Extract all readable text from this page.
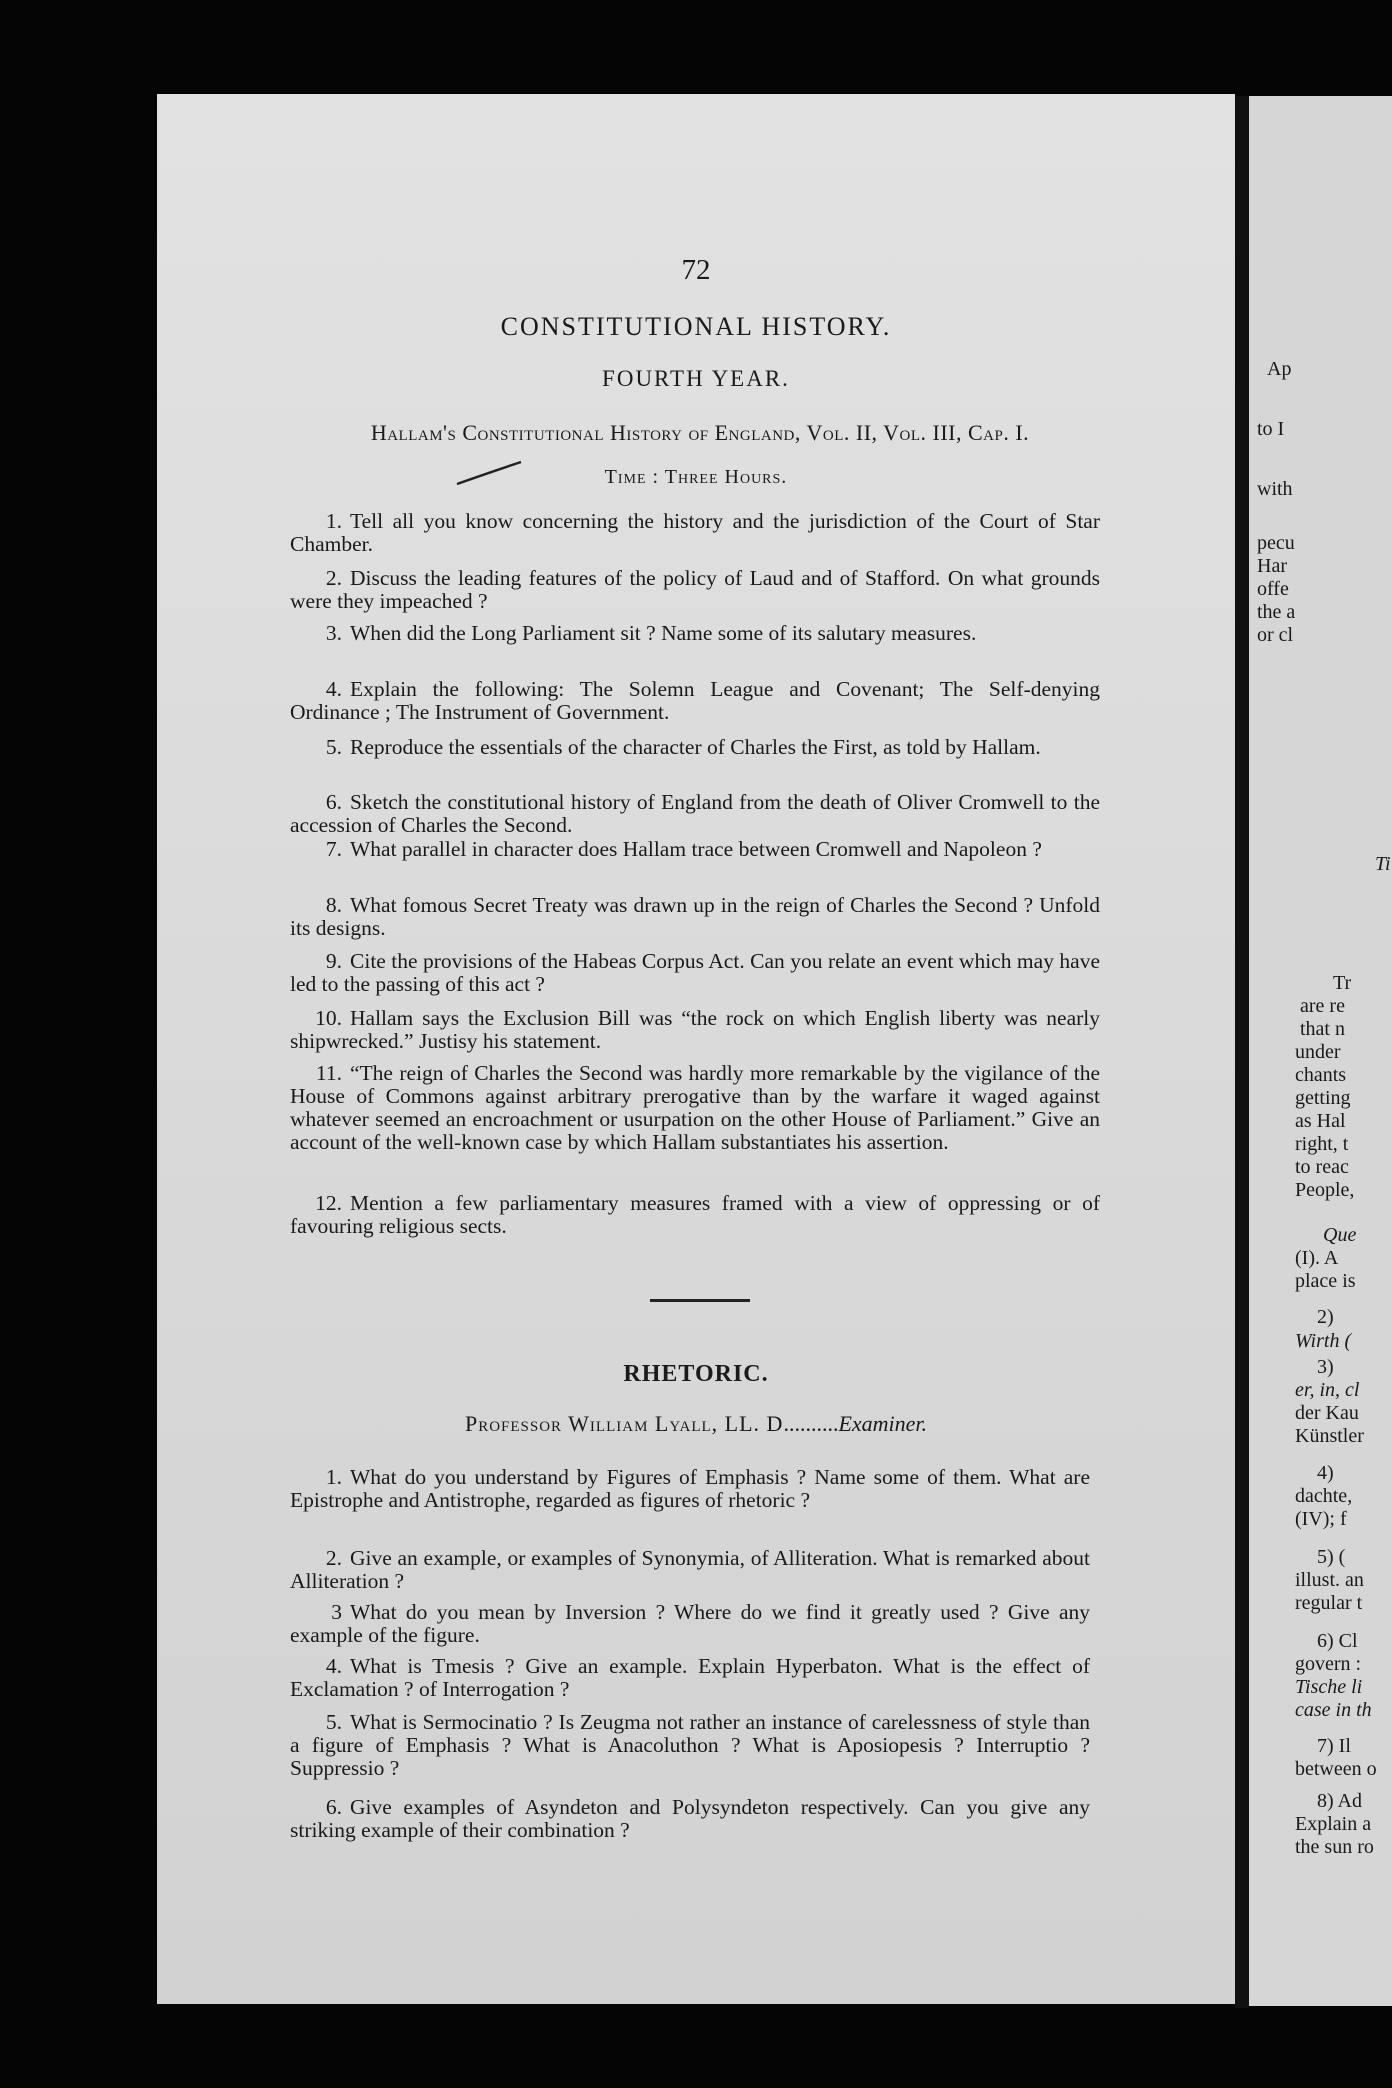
Ap
to I
with
pecu
Har
offe
the a
or cl
Ti
Tr
are re
that n
under
chants
getting
as Hal
right, t
to reac
People,
Que
(I). A
place is
2)
Wirth (
3)
er, in, cl
der Kau
Künstler
4)
dachte,
(IV); f
5) (
illust. an
regular t
6) Cl
govern :
Tische li
case in th
7) Il
between o
8) Ad
Explain a
the sun ro
72
CONSTITUTIONAL HISTORY.
FOURTH YEAR.
Hallam's Constitutional History of England, Vol. II, Vol. III, Cap. I.
Time : Three Hours.
1. Tell all you know concerning the history and the jurisdiction of the Court of Star Chamber.
2. Discuss the leading features of the policy of Laud and of Stafford. On what grounds were they impeached ?
3. When did the Long Parliament sit ? Name some of its salutary measures.
4. Explain the following: The Solemn League and Covenant; The Self-denying Ordinance ; The Instrument of Government.
5. Reproduce the essentials of the character of Charles the First, as told by Hallam.
6. Sketch the constitutional history of England from the death of Oliver Cromwell to the accession of Charles the Second.
7. What parallel in character does Hallam trace between Cromwell and Napoleon ?
8. What fomous Secret Treaty was drawn up in the reign of Charles the Second ? Unfold its designs.
9. Cite the provisions of the Habeas Corpus Act. Can you relate an event which may have led to the passing of this act ?
10. Hallam says the Exclusion Bill was “the rock on which English liberty was nearly shipwrecked.” Justisy his statement.
11. “The reign of Charles the Second was hardly more remarkable by the vigilance of the House of Commons against arbitrary prerogative than by the warfare it waged against whatever seemed an encroachment or usurpation on the other House of Parliament.” Give an account of the well-known case by which Hallam substantiates his assertion.
12. Mention a few parliamentary measures framed with a view of oppressing or of favouring religious sects.
RHETORIC.
Professor William Lyall, LL. D..........Examiner.
1. What do you understand by Figures of Emphasis ? Name some of them. What are Epistrophe and Antistrophe, regarded as figures of rhetoric ?
2. Give an example, or examples of Synonymia, of Alliteration. What is remarked about Alliteration ?
3 What do you mean by Inversion ? Where do we find it greatly used ? Give any example of the figure.
4. What is Tmesis ? Give an example. Explain Hyperbaton. What is the effect of Exclamation ? of Interrogation ?
5. What is Sermocinatio ? Is Zeugma not rather an instance of carelessness of style than a figure of Emphasis ? What is Anacoluthon ? What is Aposiopesis ? Interruptio ? Suppressio ?
6. Give examples of Asyndeton and Polysyndeton respectively. Can you give any striking example of their combination ?
